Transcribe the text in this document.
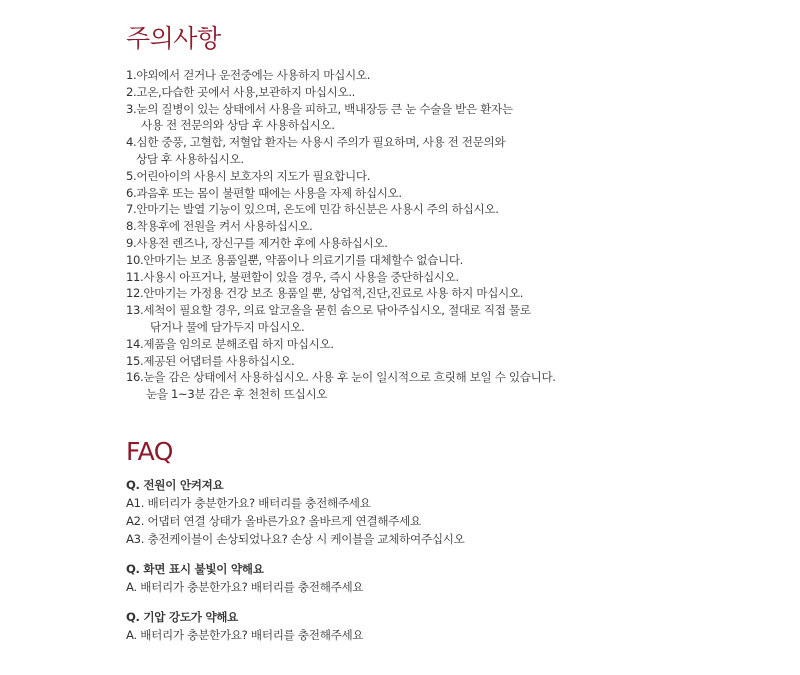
주의사항
1.야외에서 걷거나 운전중에는 사용하지 마십시오.
2.고온,다습한 곳에서 사용,보관하지 마십시오..
3.눈의 질병이 있는 상태에서 사용을 피하고, 백내장등 큰 눈 수술을 받은 환자는
사용 전 전문의와 상담 후 사용하십시오.
4.심한 중풍, 고혈합, 저혈압 환자는 사용시 주의가 필요하며, 사용 전 전문의와
상담 후 사용하십시오.
5.어린아이의 사용시 보호자의 지도가 필요합니다.
6.과음후 또는 몸이 불편할 때에는 사용을 자제 하십시오.
7.안마기는 발열 기능이 있으며, 온도에 민감 하신분은 사용시 주의 하십시오.
8.착용후에 전원을 켜서 사용하십시오.
9.사용전 렌즈나, 장신구를 제거한 후에 사용하십시오.
10.안마기는 보조 용품일뿐, 약품이나 의료기기를 대체할수 없습니다.
11.사용시 아프거나, 불편함이 있을 경우, 즉시 사용을 중단하십시오.
12.안마기는 가정용 건강 보조 용품일 뿐, 상업적,진단,진료로 사용 하지 마십시오.
13.세척이 필요할 경우, 의료 알코올을 묻힌 솜으로 닦아주십시오, 절대로 직접 물로
닦거나 물에 담가두지 마십시오.
14.제품을 임의로 분해조립 하지 마십시오.
15.제공된 어댑터를 사용하십시오.
16.눈을 감은 상태에서 사용하십시오. 사용 후 눈이 일시적으로 흐릿해 보일 수 있습니다.
눈을 1~3분 감은 후 천천히 뜨십시오
FAQ
Q. 전원이 안켜져요
A1. 배터리가 충분한가요? 배터리를 충전해주세요
A2. 어댑터 연결 상태가 올바른가요? 올바르게 연결해주세요
A3. 충전케이블이 손상되었나요? 손상 시 케이블을 교체하여주십시오
Q. 화면 표시 불빛이 약해요
A. 배터리가 충분한가요? 배터리를 충전해주세요
Q. 기압 강도가 약해요
A. 배터리가 충분한가요? 배터리를 충전해주세요
